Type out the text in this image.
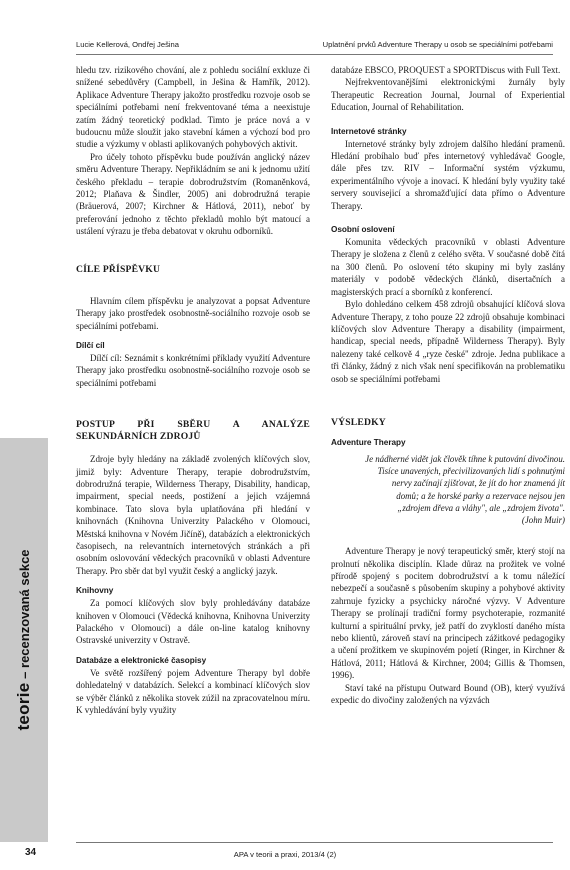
Lucie Kellerová, Ondřej Ješina	Uplatnění prvků Adventure Therapy u osob se speciálními potřebami

hledu tzv. rizikového chování, ale z pohledu sociální exkluze či snížené sebedůvěry (Campbell, in Ješina & Hamřík, 2012). Aplikace Adventure Therapy jakožto prostředku rozvoje osob se speciálními potřebami není frekventované téma a neexistuje zatím žádný teoretický podklad. Timto je práce nová a v budoucnu může sloužit jako stavební kámen a výchozí bod pro studie a výzkumy v oblasti aplikovaných pohybových aktivit.

Pro účely tohoto příspěvku bude používán anglický název směru Adventure Therapy. Nepřikládním se ani k jednomu užití českého překladu – terapie dobrodružstvím (Romaněnková, 2012; Plaňava & Šindler, 2005) ani dobrodružná terapie (Bräuerová, 2007; Kirchner & Hátlová, 2011), neboť by preferování jednoho z těchto překladů mohlo být matoucí a ustálení výrazu je třeba debatovat v okruhu odborníků.

CÍLE PŘÍSPĚVKU

Hlavním cílem příspěvku je analyzovat a popsat Adventure Therapy jako prostředek osobnostně-sociálního rozvoje osob se speciálními potřebami.

Dílčí cíl

Dílčí cíl: Seznámit s konkrétními příklady využití Adventure Therapy jako prostředku osobnostně-sociálního rozvoje osob se speciálními potřebami

POSTUP PŘI SBĚRU A ANALÝZE SEKUNDÁRNÍCH ZDROJŮ

Zdroje byly hledány na základě zvolených klíčových slov, jimiž byly: Adventure Therapy, terapie dobrodružstvím, dobrodružná terapie, Wilderness Therapy, Disability, handicap, impairment, special needs, postižení a jejich vzájemná kombinace. Tato slova byla uplatňována při hledání v knihovnách (Knihovna Univerzity Palackého v Olomouci, Městská knihovna v Novém Jičíně), databázích a elektronických časopisech, na relevantních internetových stránkách a při osobním oslovování vědeckých pracovníků v oblasti Adventure Therapy. Pro sběr dat byl využit český a anglický jazyk.

Knihovny

Za pomocí klíčových slov byly prohledávány databáze knihoven v Olomouci (Vědecká knihovna, Knihovna Univerzity Palackého v Olomouci) a dále on-line katalog knihovny Ostravské univerzity v Ostravě.

Databáze a elektronické časopisy

Ve světě rozšířený pojem Adventure Therapy byl dobře dohledatelný v databázích. Selekcí a kombinací klíčových slov se výběr článků z několika stovek zúžil na zpracovatelnou míru. K vyhledávání byly využity

databáze EBSCO, PROQUEST a SPORTDiscus with Full Text.

Nejfrekventovanějšími elektronickými žurnály byly Therapeutic Recreation Journal, Journal of Experiential Education, Journal of Rehabilitation.

Internetové stránky

Internetové stránky byly zdrojem dalšího hledání pramenů. Hledání probíhalo buď přes internetový vyhledávač Google, dále přes tzv. RIV – Informační systém výzkumu, experimentálního vývoje a inovací. K hledání byly využity také servery souvisejicí a shromažďující data přímo o Adventure Therapy.

Osobní oslovení

Komunita vědeckých pracovníků v oblasti Adventure Therapy je složena z členů z celého světa. V současné době čítá na 300 členů. Po oslovení této skupiny mi byly zaslány materiály v podobě vědeckých článků, disertačních a magisterských prací a sborníků z konferencí.

Bylo dohledáno celkem 458 zdrojů obsahující klíčová slova Adventure Therapy, z toho pouze 22 zdrojů obsahuje kombinaci klíčových slov Adventure Therapy a disability (impairment, handicap, special needs, případně Wilderness Therapy). Byly nalezeny také celkově 4 „ryze české" zdroje. Jedna publikace a tři články, žádný z nich však není specifikován na problematiku osob se speciálními potřebami

VÝSLEDKY
Adventure Therapy
Je nádherné vidět jak člověk tíhne k putování divočinou.
Tisíce unavených, přecivilizovaných lidí s pohnutými
nervy začínají zjišťovat, že jít do hor znamená jít
domů; a že horské parky a rezervace nejsou jen
„zdrojem dřeva a vláhy", ale „zdrojem života".
(John Muir)

Adventure Therapy je nový terapeutický směr, který stojí na prolnutí několika disciplín. Klade důraz na prožitek ve volné přírodě spojený s pocitem dobrodružství a k tomu náležící nebezpečí a současně s působením skupiny a pohybové aktivity zahrnuje fyzicky a psychicky náročné výzvy. V Adventure Therapy se prolínají tradiční formy psychoterapie, rozmanité kulturní a spirituální prvky, jež patří do zvyklostí daného místa nebo klientů, zároveň staví na principech zážitkové pedagogiky a učení prožitkem ve skupinovém pojetí (Ringer, in Kirchner & Hátlová, 2011; Hátlová & Kirchner, 2004; Gillis & Thomsen, 1996).

Staví také na přístupu Outward Bound (OB), který využívá expedic do divočiny založených na výzvách

teorie – recenzovaná sekce
34	APA v teorii a praxi, 2013/4 (2)
